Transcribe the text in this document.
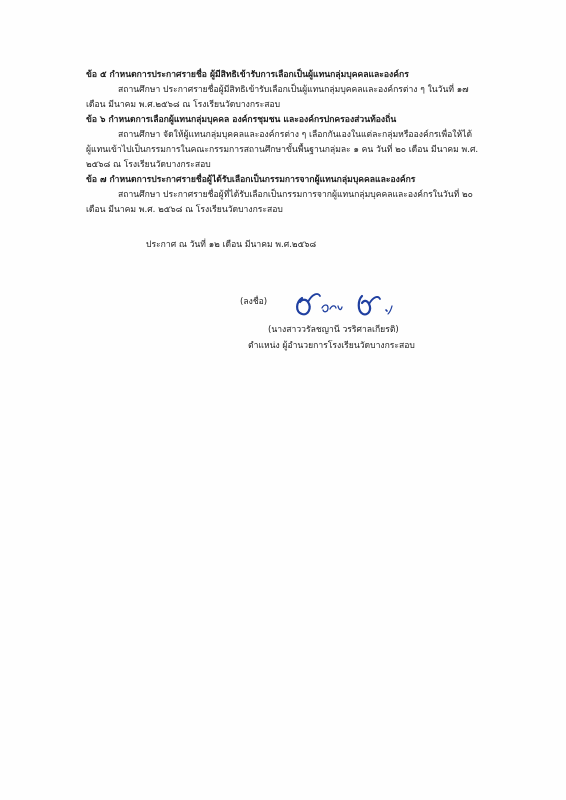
ข้อ ๕ กำหนดการประกาศรายชื่อ ผู้มีสิทธิเข้ารับการเลือกเป็นผู้แทนกลุ่มบุคคลและองค์กร
สถานศึกษา ประกาศรายชื่อผู้มีสิทธิเข้ารับเลือกเป็นผู้แทนกลุ่มบุคคลและองค์กรต่าง ๆ ในวันที่ ๑๗
เดือน มีนาคม พ.ศ.๒๕๖๘ ณ โรงเรียนวัดบางกระสอบ
ข้อ ๖ กำหนดการเลือกผู้แทนกลุ่มบุคคล องค์กรชุมชน และองค์กรปกครองส่วนท้องถิ่น
สถานศึกษา จัดให้ผู้แทนกลุ่มบุคคลและองค์กรต่าง ๆ เลือกกันเองในแต่ละกลุ่มหรือองค์กรเพื่อให้ได้
ผู้แทนเข้าไปเป็นกรรมการในคณะกรรมการสถานศึกษาขั้นพื้นฐานกลุ่มละ ๑ คน วันที่ ๒๐ เดือน มีนาคม พ.ศ.
๒๕๖๘ ณ โรงเรียนวัดบางกระสอบ
ข้อ ๗ กำหนดการประกาศรายชื่อผู้ได้รับเลือกเป็นกรรมการจากผู้แทนกลุ่มบุคคลและองค์กร
สถานศึกษา ประกาศรายชื่อผู้ที่ได้รับเลือกเป็นกรรมการจากผู้แทนกลุ่มบุคคลและองค์กรในวันที่ ๒๐
เดือน มีนาคม พ.ศ. ๒๕๖๘ ณ โรงเรียนวัดบางกระสอบ
ประกาศ ณ วันที่ ๑๒ เดือน มีนาคม พ.ศ.๒๕๖๘
(ลงชื่อ)
(นางสาววรัลชญานี วรริศาลเกียรติ)
ตำแหน่ง ผู้อำนวยการโรงเรียนวัดบางกระสอบ
